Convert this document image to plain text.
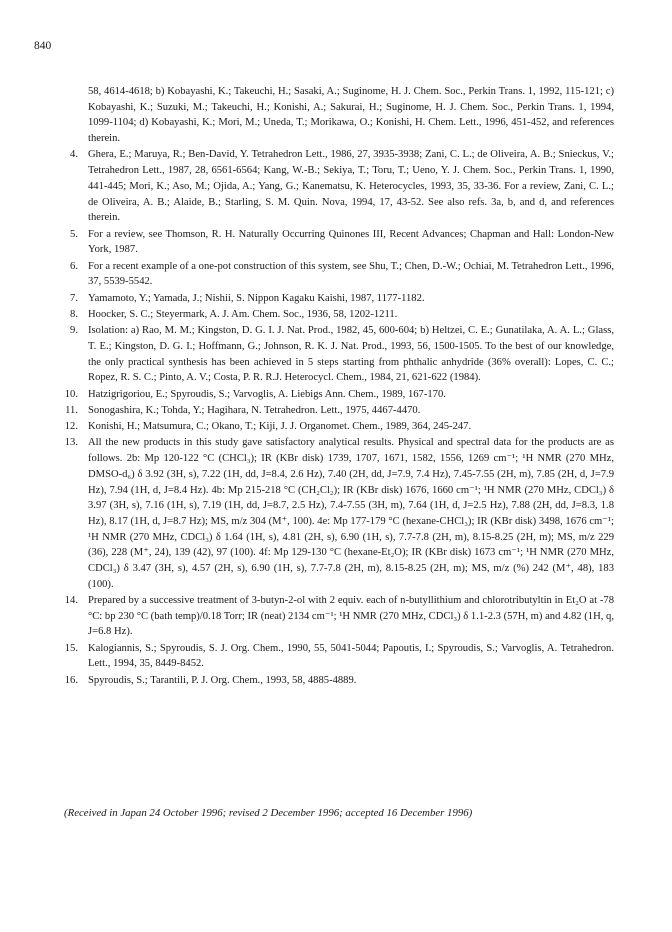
840
58, 4614-4618; b) Kobayashi, K.; Takeuchi, H.; Sasaki, A.; Suginome, H. J. Chem. Soc., Perkin Trans. 1, 1992, 115-121; c) Kobayashi, K.; Suzuki, M.; Takeuchi, H.; Konishi, A.; Sakurai, H.; Suginome, H. J. Chem. Soc., Perkin Trans. 1, 1994, 1099-1104; d) Kobayashi, K.; Mori, M.; Uneda, T.; Morikawa, O.; Konishi, H. Chem. Lett., 1996, 451-452, and references therein.
4. Ghera, E.; Maruya, R.; Ben-David, Y. Tetrahedron Lett., 1986, 27, 3935-3938; Zani, C. L.; de Oliveira, A. B.; Snieckus, V.; Tetrahedron Lett., 1987, 28, 6561-6564; Kang, W.-B.; Sekiya, T.; Toru, T.; Ueno, Y. J. Chem. Soc., Perkin Trans. 1, 1990, 441-445; Mori, K.; Aso, M.; Ojida, A.; Yang, G.; Kanematsu, K. Heterocycles, 1993, 35, 33-36. For a review, Zani, C. L.; de Oliveira, A. B.; Alaide, B.; Starling, S. M. Quin. Nova, 1994, 17, 43-52. See also refs. 3a, b, and d, and references therein.
5. For a review, see Thomson, R. H. Naturally Occurring Quinones III, Recent Advances; Chapman and Hall: London-New York, 1987.
6. For a recent example of a one-pot construction of this system, see Shu, T.; Chen, D.-W.; Ochiai, M. Tetrahedron Lett., 1996, 37, 5539-5542.
7. Yamamoto, Y.; Yamada, J.; Nishii, S. Nippon Kagaku Kaishi, 1987, 1177-1182.
8. Hoocker, S. C.; Steyermark, A. J. Am. Chem. Soc., 1936, 58, 1202-1211.
9. Isolation: a) Rao, M. M.; Kingston, D. G. I. J. Nat. Prod., 1982, 45, 600-604; b) Heltzei, C. E.; Gunatilaka, A. A. L.; Glass, T. E.; Kingston, D. G. I.; Hoffmann, G.; Johnson, R. K. J. Nat. Prod., 1993, 56, 1500-1505. To the best of our knowledge, the only practical synthesis has been achieved in 5 steps starting from phthalic anhydride (36% overall): Lopes, C. C.; Ropez, R. S. C.; Pinto, A. V.; Costa, P. R. R.J. Heterocycl. Chem., 1984, 21, 621-622 (1984).
10. Hatzigrigoriou, E.; Spyroudis, S.; Varvoglis, A. Liebigs Ann. Chem., 1989, 167-170.
11. Sonogashira, K.; Tohda, Y.; Hagihara, N. Tetrahedron. Lett., 1975, 4467-4470.
12. Konishi, H.; Matsumura, C.; Okano, T.; Kiji, J. J. Organomet. Chem., 1989, 364, 245-247.
13. All the new products in this study gave satisfactory analytical results. Physical and spectral data for the products are as follows. 2b: Mp 120-122 °C (CHCl₃); IR (KBr disk) 1739, 1707, 1671, 1582, 1556, 1269 cm⁻¹; ¹H NMR (270 MHz, DMSO-d₆) δ 3.92 (3H, s), 7.22 (1H, dd, J=8.4, 2.6 Hz), 7.40 (2H, dd, J=7.9, 7.4 Hz), 7.45-7.55 (2H, m), 7.85 (2H, d, J=7.9 Hz), 7.94 (1H, d, J=8.4 Hz). 4b: Mp 215-218 °C (CH₂Cl₂); IR (KBr disk) 1676, 1660 cm⁻¹; ¹H NMR (270 MHz, CDCl₃) δ 3.97 (3H, s), 7.16 (1H, s), 7.19 (1H, dd, J=8.7, 2.5 Hz), 7.4-7.55 (3H, m), 7.64 (1H, d, J=2.5 Hz), 7.88 (2H, dd, J=8.3, 1.8 Hz), 8.17 (1H, d, J=8.7 Hz); MS, m/z 304 (M⁺, 100). 4e: Mp 177-179 °C (hexane-CHCl₃); IR (KBr disk) 3498, 1676 cm⁻¹; ¹H NMR (270 MHz, CDCl₃) δ 1.64 (1H, s), 4.81 (2H, s), 6.90 (1H, s), 7.7-7.8 (2H, m), 8.15-8.25 (2H, m); MS, m/z 229 (36), 228 (M⁺, 24), 139 (42), 97 (100). 4f: Mp 129-130 °C (hexane-Et₂O); IR (KBr disk) 1673 cm⁻¹; ¹H NMR (270 MHz, CDCl₃) δ 3.47 (3H, s), 4.57 (2H, s), 6.90 (1H, s), 7.7-7.8 (2H, m), 8.15-8.25 (2H, m); MS, m/z (%) 242 (M⁺, 48), 183 (100).
14. Prepared by a successive treatment of 3-butyn-2-ol with 2 equiv. each of n-butyllithium and chlorotributyltin in Et₂O at -78 °C: bp 230 °C (bath temp)/0.18 Torr; IR (neat) 2134 cm⁻¹; ¹H NMR (270 MHz, CDCl₃) δ 1.1-2.3 (57H, m) and 4.82 (1H, q, J=6.8 Hz).
15. Kalogiannis, S.; Spyroudis, S. J. Org. Chem., 1990, 55, 5041-5044; Papoutis, I.; Spyroudis, S.; Varvoglis, A. Tetrahedron. Lett., 1994, 35, 8449-8452.
16. Spyroudis, S.; Tarantili, P. J. Org. Chem., 1993, 58, 4885-4889.
(Received in Japan 24 October 1996; revised 2 December 1996; accepted 16 December 1996)
